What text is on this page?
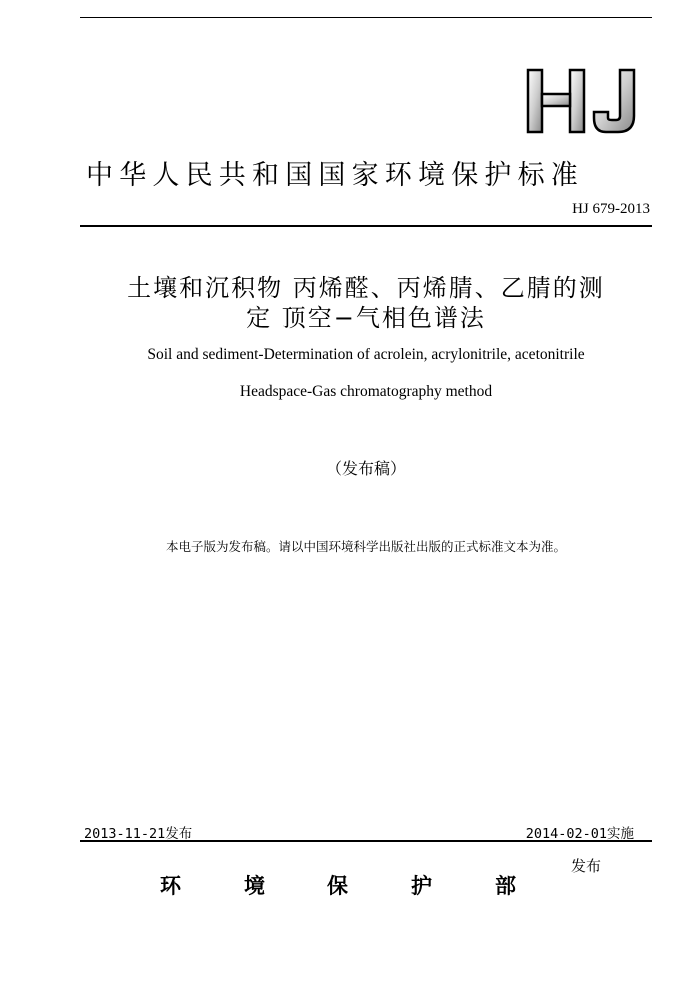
中华人民共和国国家环境保护标准
HJ 679-2013
土壤和沉积物 丙烯醛、丙烯腈、乙腈的测
定 顶空−气相色谱法
Soil and sediment-Determination of acrolein, acrylonitrile, acetonitrile
Headspace-Gas chromatography method
（发布稿）
本电子版为发布稿。请以中国环境科学出版社出版的正式标准文本为准。
2013-11-21发布	2014-02-01实施
环	境	保	护	部
发布
